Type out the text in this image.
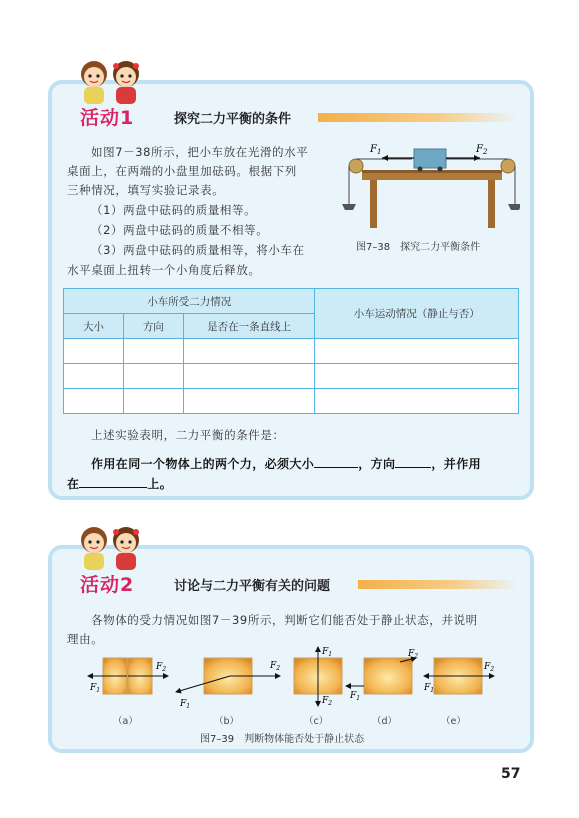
活动1	探究二力平衡的条件
如图7－38所示，把小车放在光滑的水平
桌面上，在两端的小盘里加砝码。根据下列
三种情况，填写实验记录表。
（1）两盘中砝码的质量相等。
（2）两盘中砝码的质量不相等。
（3）两盘中砝码的质量相等，将小车在
水平桌面上扭转一个小角度后释放。
$F_1$	$F_2$
图7–38　探究二力平衡条件
小车所受二力情况			小车运动情况（静止与否）
大小	方向	是否在一条直线上	

上述实验表明，二力平衡的条件是：
作用在同一个物体上的两个力，必须大小	，方向	，并作用
在	上。
活动2	讨论与二力平衡有关的问题
各物体的受力情况如图7－39所示，判断它们能否处于静止状态，并说明
理由。
$F_1$
$F_2$
$F_1$
$F_2$
$F_1$
$F_2$
$F_1$
$F_2$
$F_1$
$F_2$
（a）	（b）	（c）	（d）	（e）
图7–39　判断物体能否处于静止状态
57
